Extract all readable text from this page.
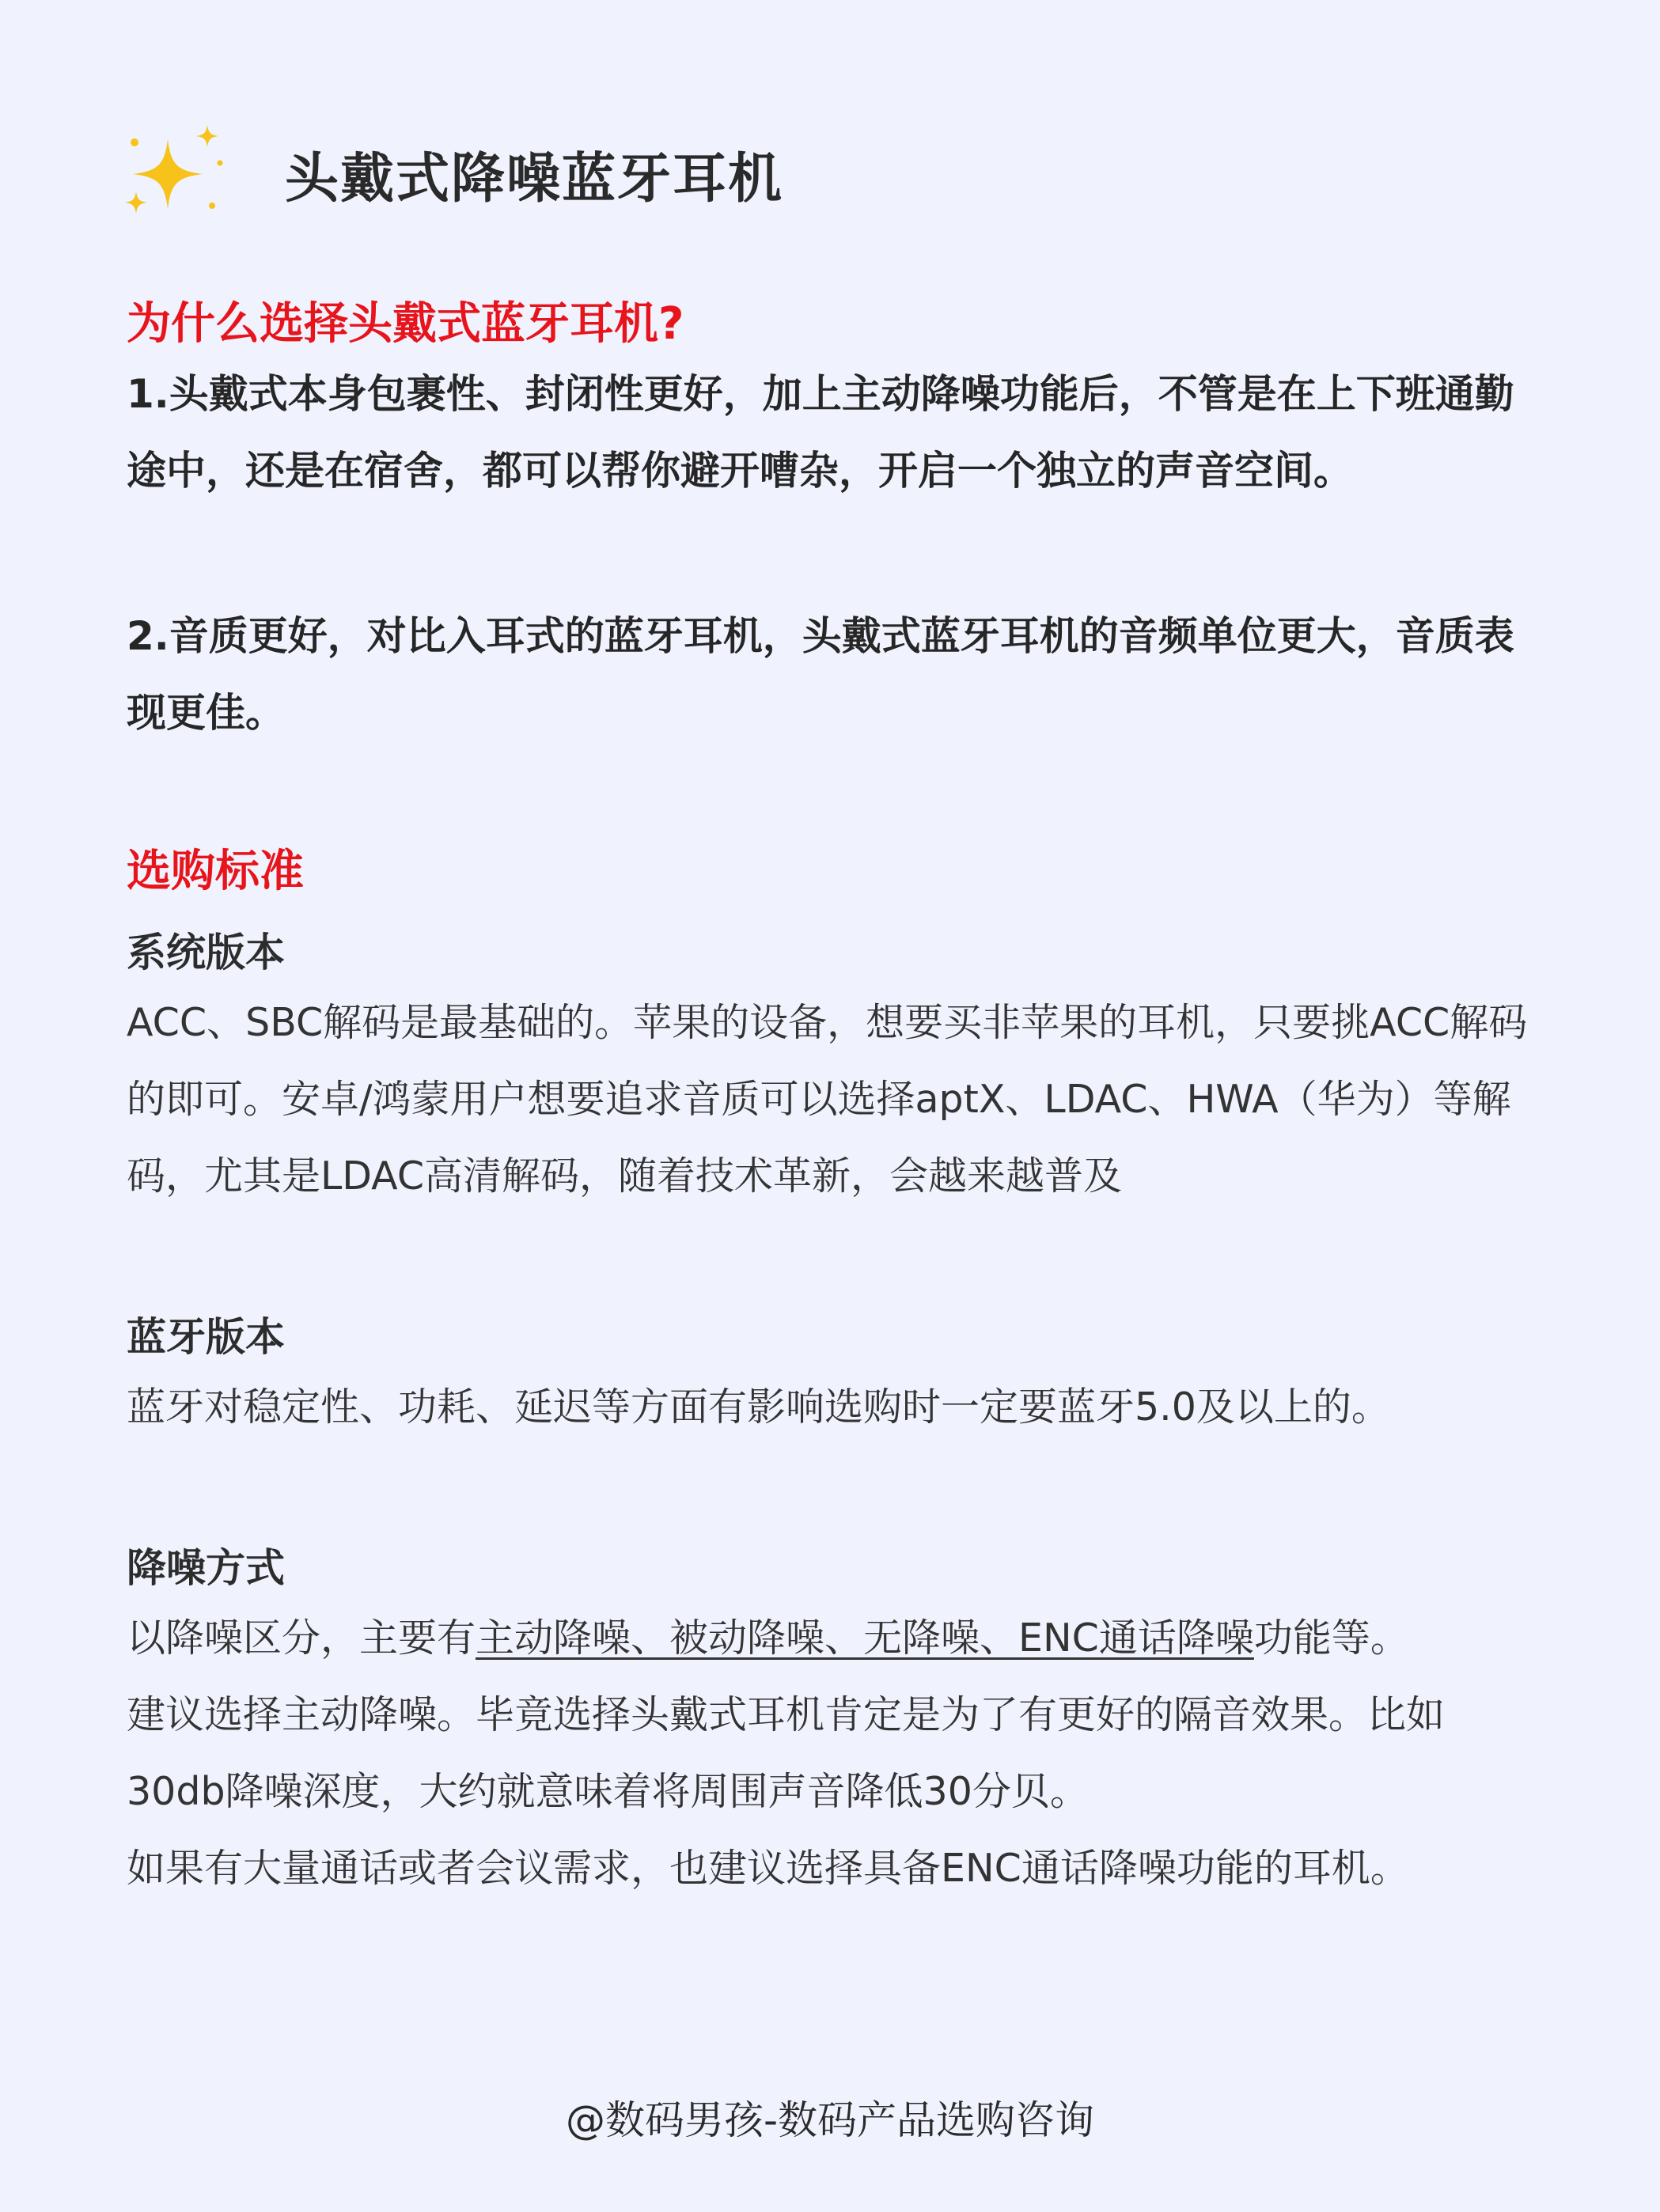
头戴式降噪蓝牙耳机

为什么选择头戴式蓝牙耳机?

1.头戴式本身包裹性、封闭性更好，加上主动降噪功能后，不管是在上下班通勤途中，还是在宿舍，都可以帮你避开嘈杂，开启一个独立的声音空间。

2.音质更好，对比入耳式的蓝牙耳机，头戴式蓝牙耳机的音频单位更大，音质表现更佳。

选购标准

系统版本

ACC、SBC解码是最基础的。苹果的设备，想要买非苹果的耳机，只要挑ACC解码的即可。安卓/鸿蒙用户想要追求音质可以选择aptX、LDAC、HWA（华为）等解码，尤其是LDAC高清解码，随着技术革新，会越来越普及

蓝牙版本

蓝牙对稳定性、功耗、延迟等方面有影响选购时一定要蓝牙5.0及以上的。

降噪方式

以降噪区分，主要有主动降噪、被动降噪、无降噪、ENC通话降噪功能等。

建议选择主动降噪。毕竟选择头戴式耳机肯定是为了有更好的隔音效果。比如30db降噪深度，大约就意味着将周围声音降低30分贝。

如果有大量通话或者会议需求，也建议选择具备ENC通话降噪功能的耳机。

@数码男孩-数码产品选购咨询
